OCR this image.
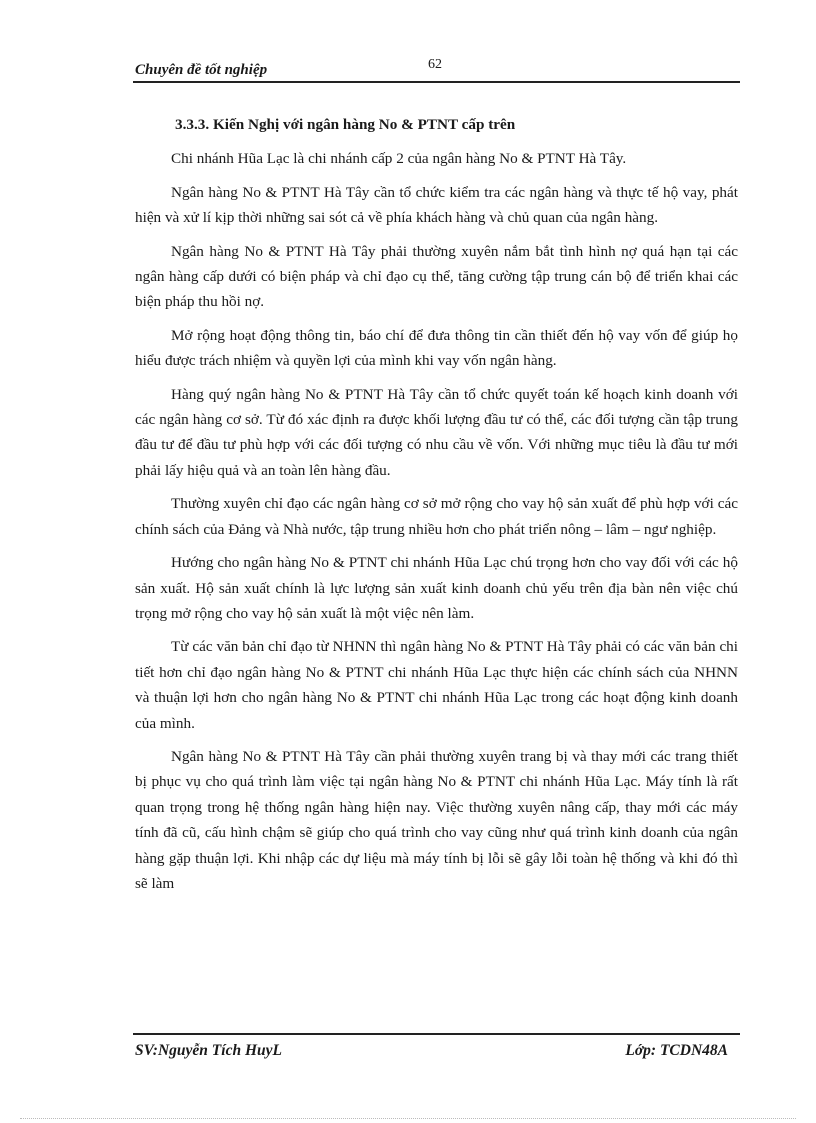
Chuyên đề tốt nghiệp	62

3.3.3. Kiến Nghị với ngân hàng No & PTNT cấp trên

Chi nhánh Hũa Lạc là chi nhánh cấp 2 của ngân hàng No & PTNT Hà Tây.

Ngân hàng No & PTNT Hà Tây cần tổ chức kiểm tra các ngân hàng và thực tế hộ vay, phát hiện và xử lí kịp thời những sai sót cả về phía khách hàng và chủ quan của ngân hàng.

Ngân hàng No & PTNT Hà Tây phải thường xuyên nắm bắt tình hình nợ quá hạn tại các ngân hàng cấp dưới có biện pháp và chỉ đạo cụ thể, tăng cường tập trung cán bộ để triển khai các biện pháp thu hồi nợ.

Mở rộng hoạt động thông tin, báo chí để đưa thông tin cần thiết đến hộ vay vốn để giúp họ hiểu được trách nhiệm và quyền lợi của mình khi vay vốn ngân hàng.

Hàng quý ngân hàng No & PTNT Hà Tây cần tổ chức quyết toán kế hoạch kinh doanh với các ngân hàng cơ sở. Từ đó xác định ra được khối lượng đầu tư có thể, các đối tượng cần tập trung đầu tư để đầu tư phù hợp với các đối tượng có nhu cầu về vốn. Với những mục tiêu là đầu tư mới phải lấy hiệu quả và an toàn lên hàng đầu.

Thường xuyên chỉ đạo các ngân hàng cơ sở mở rộng cho vay hộ sản xuất để phù hợp với các chính sách của Đảng và Nhà nước, tập trung nhiều hơn cho phát triển nông – lâm – ngư nghiệp.

Hướng cho ngân hàng No & PTNT chi nhánh Hũa Lạc chú trọng hơn cho vay đối với các hộ sản xuất. Hộ sản xuất chính là lực lượng sản xuất kinh doanh chủ yếu trên địa bàn nên việc chú trọng mở rộng cho vay hộ sản xuất là một việc nên làm.

Từ các văn bản chỉ đạo từ NHNN thì ngân hàng No & PTNT Hà Tây phải có các văn bản chi tiết hơn chỉ đạo ngân hàng No & PTNT chi nhánh Hũa Lạc thực hiện các chính sách của NHNN và thuận lợi hơn cho ngân hàng No & PTNT chi nhánh Hũa Lạc trong các hoạt động kinh doanh của mình.

Ngân hàng No & PTNT Hà Tây cần phải thường xuyên trang bị và thay mới các trang thiết bị phục vụ cho quá trình làm việc tại ngân hàng No & PTNT chi nhánh Hũa Lạc. Máy tính là rất quan trọng trong hệ thống ngân hàng hiện nay. Việc thường xuyên nâng cấp, thay mới các máy tính đã cũ, cấu hình chậm sẽ giúp cho quá trình cho vay cũng như quá trình kinh doanh của ngân hàng gặp thuận lợi. Khi nhập các dự liệu mà máy tính bị lỗi sẽ gây lỗi toàn hệ thống và khi đó thì sẽ làm

SV:Nguyễn Tích HuyL	Lớp: TCDN48A
